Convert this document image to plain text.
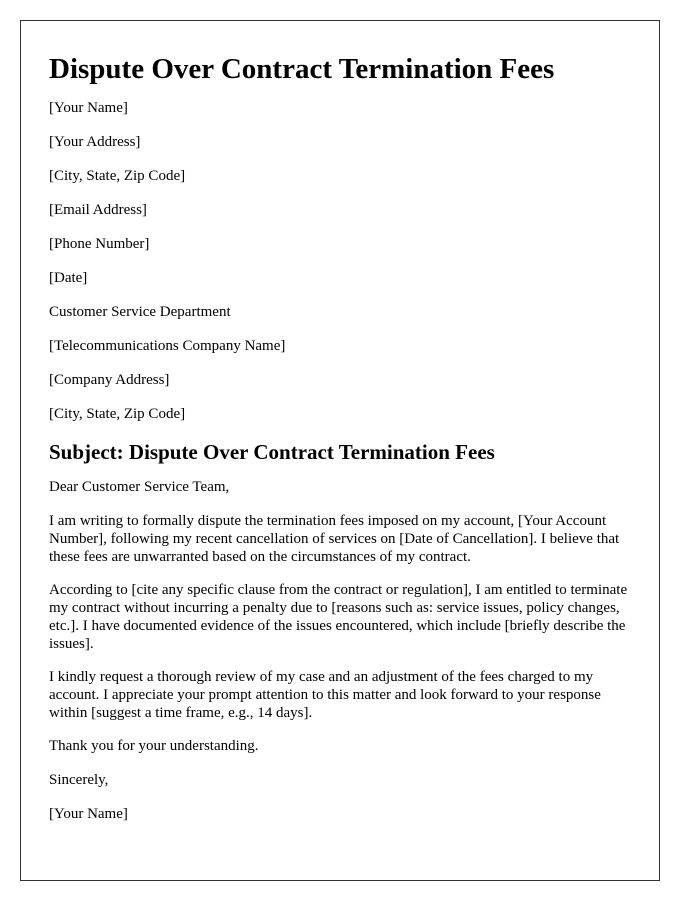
Dispute Over Contract Termination Fees

[Your Name]

[Your Address]

[City, State, Zip Code]

[Email Address]

[Phone Number]

[Date]

Customer Service Department

[Telecommunications Company Name]

[Company Address]

[City, State, Zip Code]

Subject: Dispute Over Contract Termination Fees

Dear Customer Service Team,

I am writing to formally dispute the termination fees imposed on my account, [Your Account Number], following my recent cancellation of services on [Date of Cancellation]. I believe that these fees are unwarranted based on the circumstances of my contract.

According to [cite any specific clause from the contract or regulation], I am entitled to terminate my contract without incurring a penalty due to [reasons such as: service issues, policy changes, etc.]. I have documented evidence of the issues encountered, which include [briefly describe the issues].

I kindly request a thorough review of my case and an adjustment of the fees charged to my account. I appreciate your prompt attention to this matter and look forward to your response within [suggest a time frame, e.g., 14 days].

Thank you for your understanding.

Sincerely,

[Your Name]
